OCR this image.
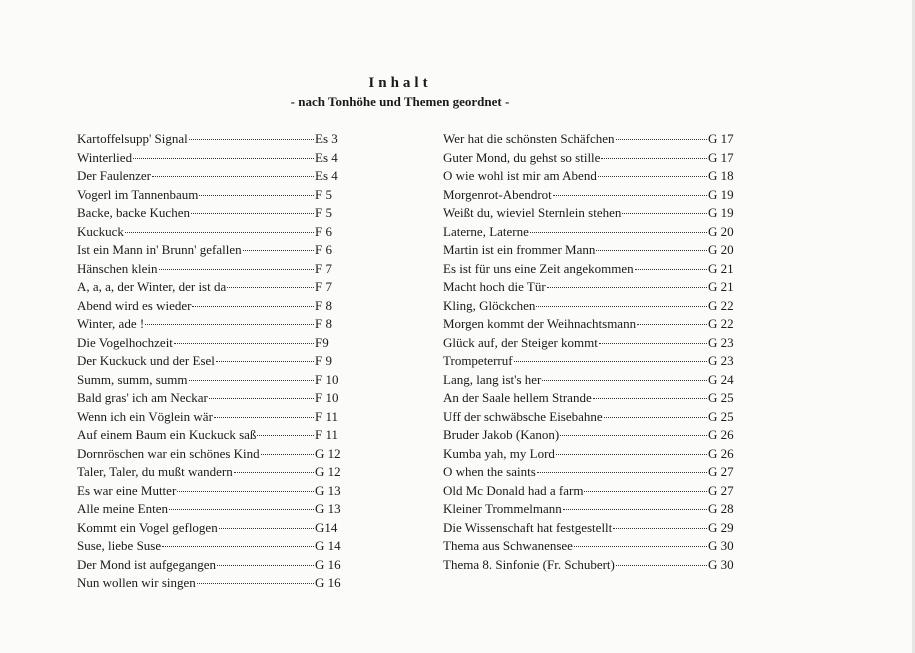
Inhalt
- nach Tonhöhe und Themen geordnet -
Kartoffelsupp' Signal	Es 3
Winterlied	Es 4
Der Faulenzer	Es 4
Vogerl im Tannenbaum	F 5
Backe, backe Kuchen	F 5
Kuckuck	F 6
Ist ein Mann in' Brunn' gefallen	F 6
Hänschen klein	F 7
A, a, a, der Winter, der ist da	F 7
Abend wird es wieder	F 8
Winter, ade !	F 8
Die Vogelhochzeit	F9
Der Kuckuck und der Esel	F 9
Summ, summ, summ	F 10
Bald gras' ich am Neckar	F 10
Wenn ich ein Vöglein wär	F 11
Auf einem Baum ein Kuckuck saß	F 11
Dornröschen war ein schönes Kind	G 12
Taler, Taler, du mußt wandern	G 12
Es war eine Mutter	G 13
Alle meine Enten	G 13
Kommt ein Vogel geflogen	G14
Suse, liebe Suse	G 14
Der Mond ist aufgegangen	G 16
Nun wollen wir singen	G 16
Wer hat die schönsten Schäfchen	G 17
Guter Mond, du gehst so stille	G 17
O wie wohl ist mir am Abend	G 18
Morgenrot-Abendrot	G 19
Weißt du, wieviel Sternlein stehen	G 19
Laterne, Laterne	G 20
Martin ist ein frommer Mann	G 20
Es ist für uns eine Zeit angekommen	G 21
Macht hoch die Tür	G 21
Kling, Glöckchen	G 22
Morgen kommt der Weihnachtsmann	G 22
Glück auf, der Steiger kommt	G 23
Trompeterruf	G 23
Lang, lang ist's her	G 24
An der Saale hellem Strande	G 25
Uff der schwäbsche Eisebahne	G 25
Bruder Jakob (Kanon)	G 26
Kumba yah, my Lord	G 26
O when the saints	G 27
Old Mc Donald had a farm	G 27
Kleiner Trommelmann	G 28
Die Wissenschaft hat festgestellt	G 29
Thema aus Schwanensee	G 30
Thema 8. Sinfonie (Fr. Schubert)	G 30
